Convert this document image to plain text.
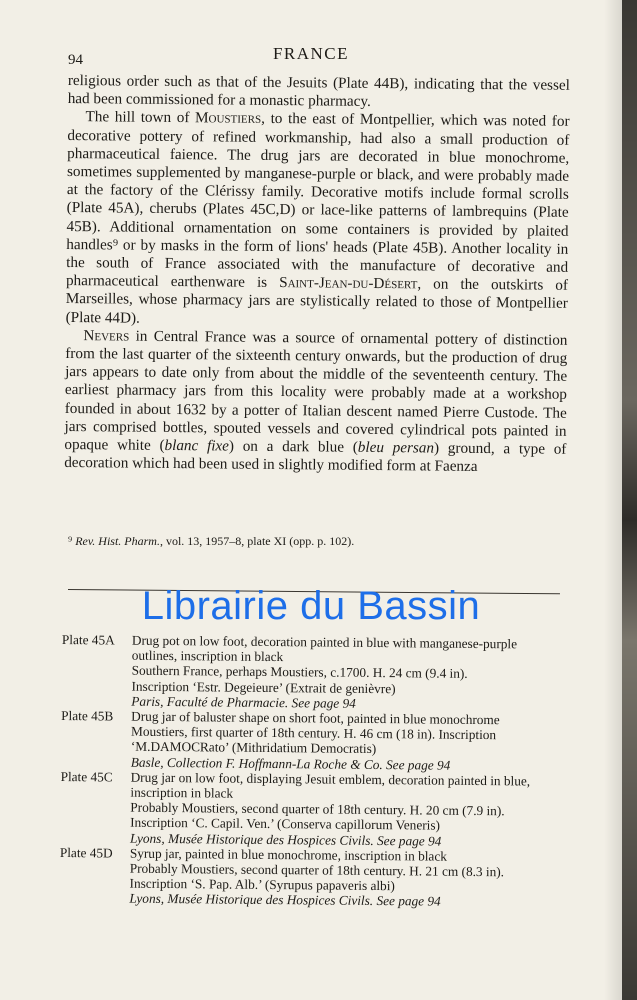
94	FRANCE

religious order such as that of the Jesuits (Plate 44B), indicating that the vessel had been commissioned for a monastic pharmacy.

The hill town of Moustiers, to the east of Montpellier, which was noted for decorative pottery of refined workmanship, had also a small production of pharmaceutical faience. The drug jars are decorated in blue monochrome, sometimes supplemented by manganese-purple or black, and were probably made at the factory of the Clérissy family. Decorative motifs include formal scrolls (Plate 45A), cherubs (Plates 45C,D) or lace-like patterns of lambrequins (Plate 45B). Additional ornamentation on some containers is provided by plaited handles⁹ or by masks in the form of lions' heads (Plate 45B). Another locality in the south of France associated with the manufacture of decorative and pharmaceutical earthenware is Saint-Jean-du-Désert, on the outskirts of Marseilles, whose pharmacy jars are stylistically related to those of Montpellier (Plate 44D).

Nevers in Central France was a source of ornamental pottery of distinction from the last quarter of the sixteenth century onwards, but the production of drug jars appears to date only from about the middle of the seventeenth century. The earliest pharmacy jars from this locality were probably made at a workshop founded in about 1632 by a potter of Italian descent named Pierre Custode. The jars comprised bottles, spouted vessels and covered cylindrical pots painted in opaque white (blanc fixe) on a dark blue (bleu persan) ground, a type of decoration which had been used in slightly modified form at Faenza

⁹ Rev. Hist. Pharm., vol. 13, 1957–8, plate XI (opp. p. 102).
Librairie du Bassin
Plate 45A	Drug pot on low foot, decoration painted in blue with manganese-purple outlines, inscription in black
Southern France, perhaps Moustiers, c.1700. H. 24 cm (9.4 in).
Inscription ‘Estr. Degeieure’ (Extrait de genièvre)
Paris, Faculté de Pharmacie. See page 94
Plate 45B	Drug jar of baluster shape on short foot, painted in blue monochrome
Moustiers, first quarter of 18th century. H. 46 cm (18 in). Inscription
‘M.DAMOCRato’ (Mithridatium Democratis)
Basle, Collection F. Hoffmann-La Roche & Co. See page 94
Plate 45C	Drug jar on low foot, displaying Jesuit emblem, decoration painted in blue, inscription in black
Probably Moustiers, second quarter of 18th century. H. 20 cm (7.9 in).
Inscription ‘C. Capil. Ven.’ (Conserva capillorum Veneris)
Lyons, Musée Historique des Hospices Civils. See page 94
Plate 45D	Syrup jar, painted in blue monochrome, inscription in black
Probably Moustiers, second quarter of 18th century. H. 21 cm (8.3 in).
Inscription ‘S. Pap. Alb.’ (Syrupus papaveris albi)
Lyons, Musée Historique des Hospices Civils. See page 94
